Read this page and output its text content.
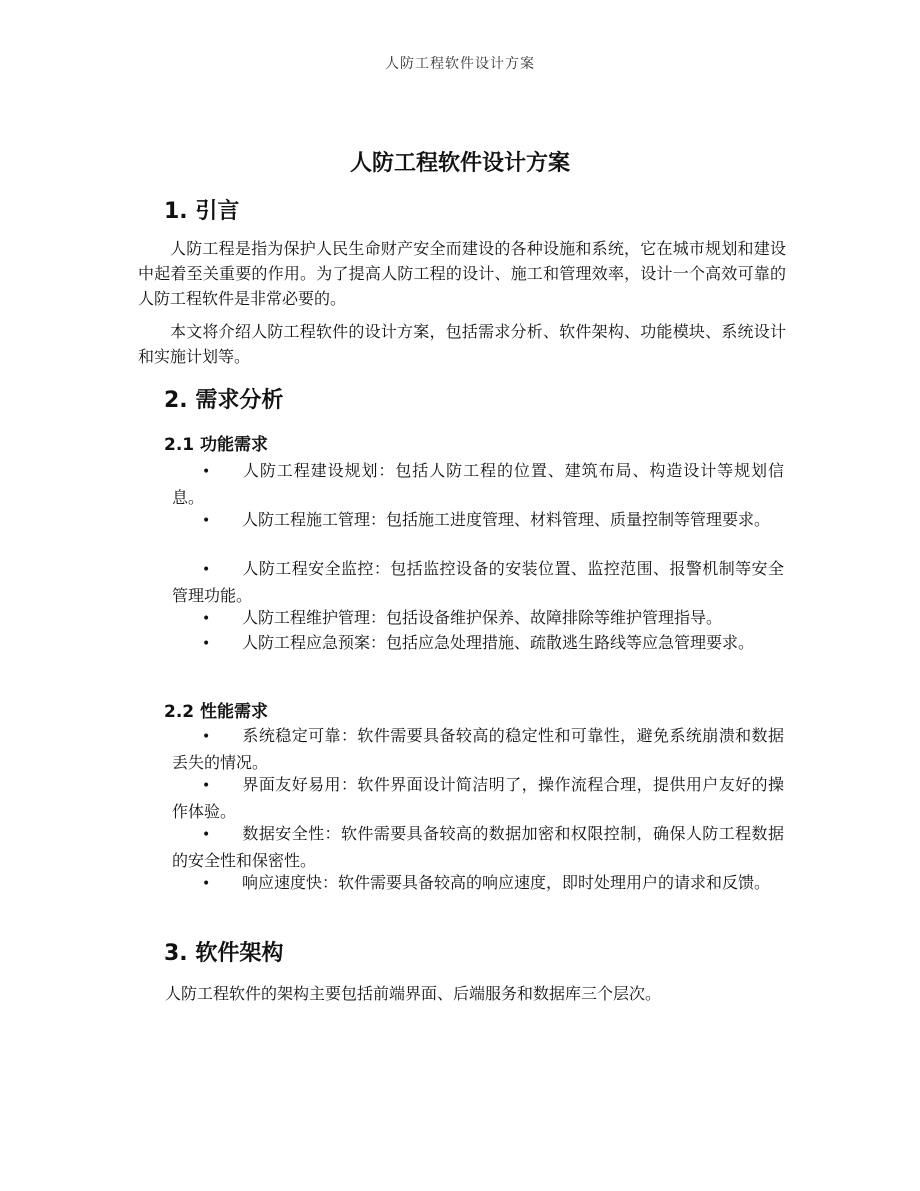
人防工程软件设计方案
人防工程软件设计方案
1. 引言

人防工程是指为保护人民生命财产安全而建设的各种设施和系统，它在城市规划和建设中起着至关重要的作用。为了提高人防工程的设计、施工和管理效率，设计一个高效可靠的人防工程软件是非常必要的。

本文将介绍人防工程软件的设计方案，包括需求分析、软件架构、功能模块、系统设计和实施计划等。

2. 需求分析
2.1 功能需求

• 人防工程建设规划：包括人防工程的位置、建筑布局、构造设计等规划信息。

• 人防工程施工管理：包括施工进度管理、材料管理、质量控制等管理要求。

• 人防工程安全监控：包括监控设备的安装位置、监控范围、报警机制等安全管理功能。

• 人防工程维护管理：包括设备维护保养、故障排除等维护管理指导。

• 人防工程应急预案：包括应急处理措施、疏散逃生路线等应急管理要求。

2.2 性能需求

• 系统稳定可靠：软件需要具备较高的稳定性和可靠性，避免系统崩溃和数据丢失的情况。

• 界面友好易用：软件界面设计简洁明了，操作流程合理，提供用户友好的操作体验。

• 数据安全性：软件需要具备较高的数据加密和权限控制，确保人防工程数据的安全性和保密性。

• 响应速度快：软件需要具备较高的响应速度，即时处理用户的请求和反馈。

3. 软件架构

人防工程软件的架构主要包括前端界面、后端服务和数据库三个层次。
